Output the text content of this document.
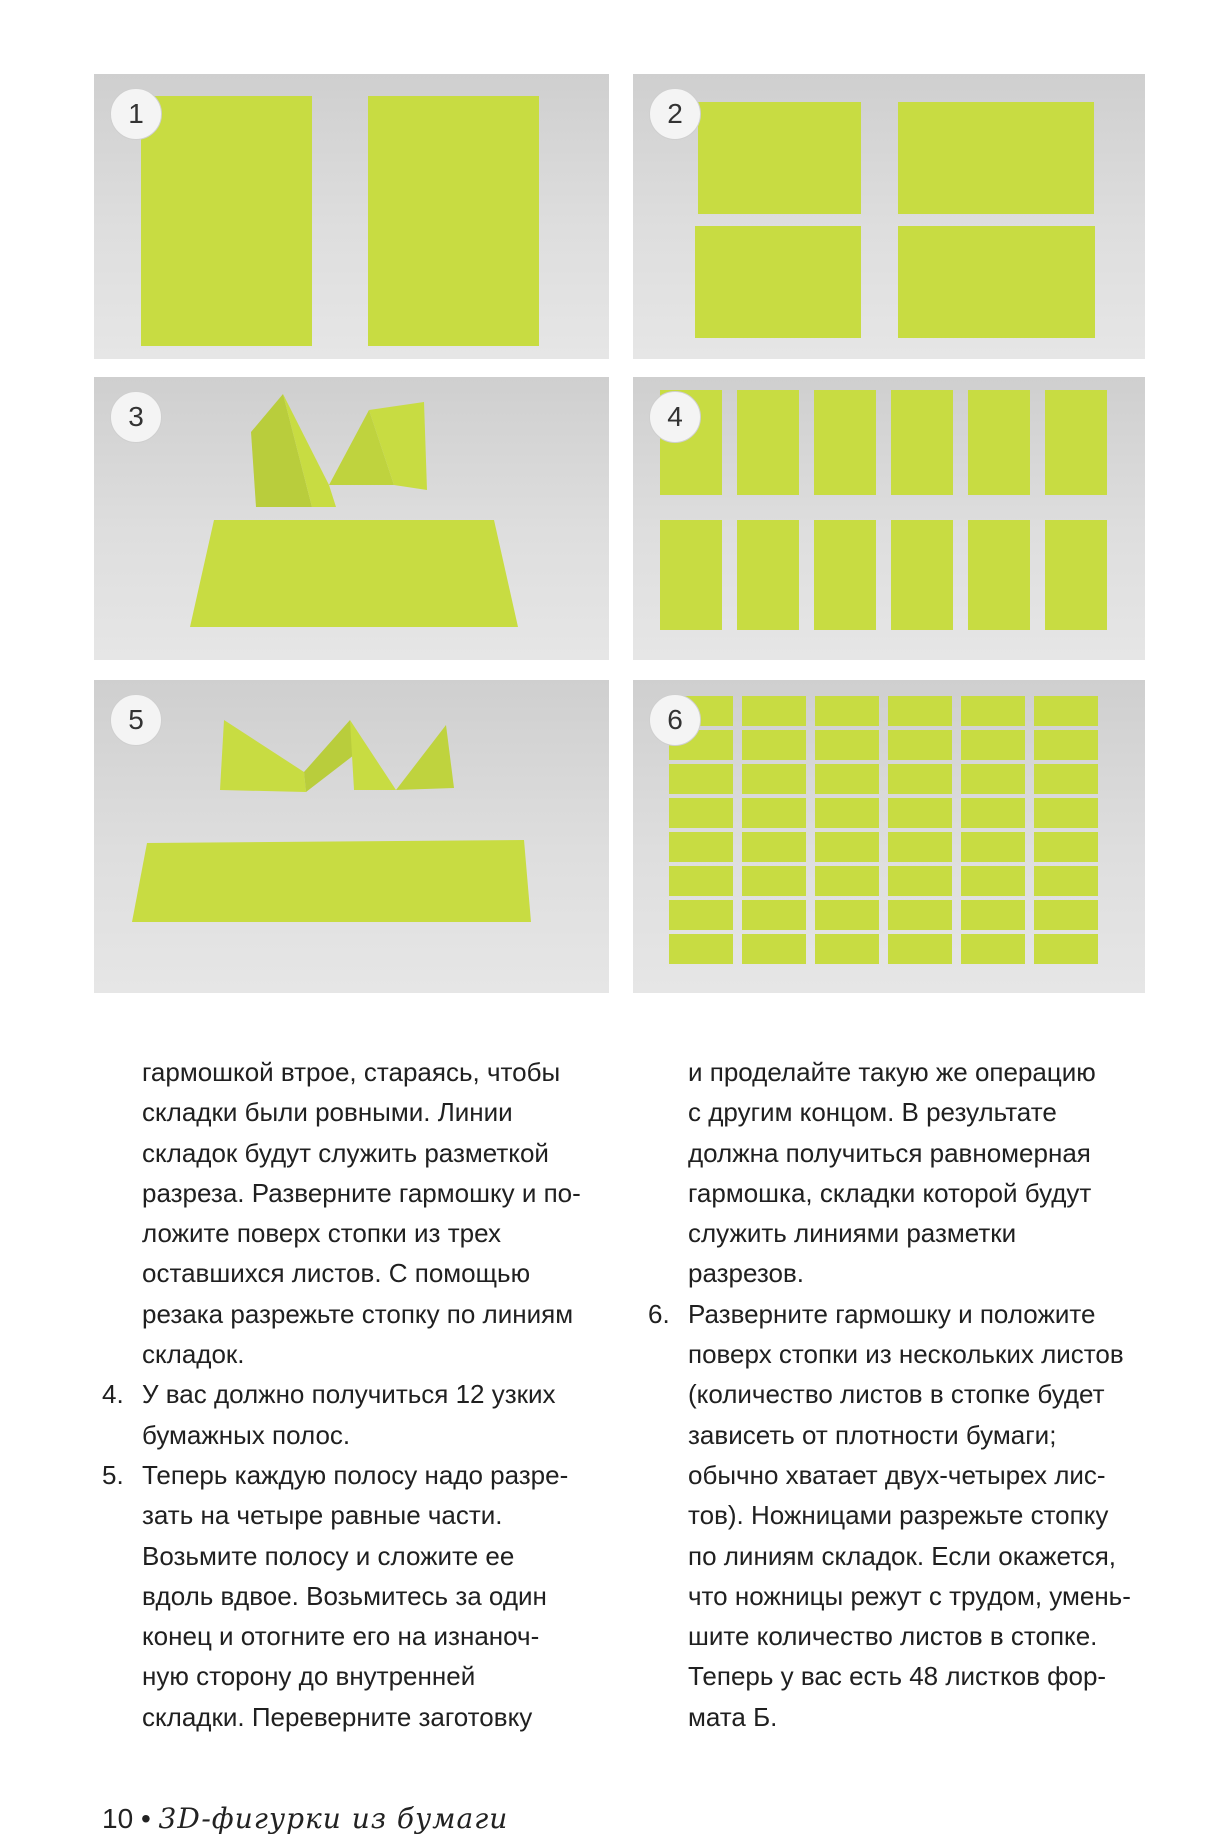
1	2
3	4
5	6

гармошкой втрое, стараясь, чтобы

складки были ровными. Линии

складок будут служить разметкой

разреза. Разверните гармошку и по-

ложите поверх стопки из трех

оставшихся листов. С помощью

резака разрежьте стопку по линиям

складок.

4. У вас должно получиться 12 узких

бумажных полос.

5. Теперь каждую полосу надо разре-

зать на четыре равные части.

Возьмите полосу и сложите ее

вдоль вдвое. Возьмитесь за один

конец и отогните его на изнаноч-

ную сторону до внутренней

складки. Переверните заготовку

и проделайте такую же операцию

с другим концом. В результате

должна получиться равномерная

гармошка, складки которой будут

служить линиями разметки

разрезов.

6. Разверните гармошку и положите

поверх стопки из нескольких листов

(количество листов в стопке будет

зависеть от плотности бумаги;

обычно хватает двух-четырех лис-

тов). Ножницами разрежьте стопку

по линиям складок. Если окажется,

что ножницы режут с трудом, умень-

шите количество листов в стопке.

Теперь у вас есть 48 листков фор-

мата Б.

10 • 3D-фигурки из бумаги
